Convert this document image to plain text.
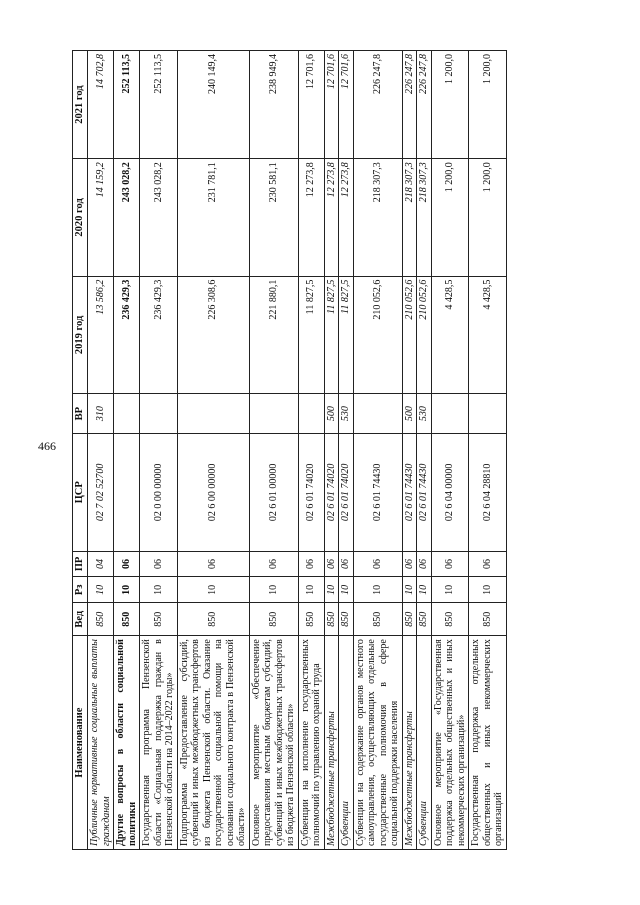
466
Наименование	Вед	Рз	ПР	ЦСР	ВР	2019 год	2020 год	2021 год
Публичные нормативные социальные выплаты гражданам	850	10	04	02 7 02 52700	310	13 586,2	14 159,2	14 702,8
Другие вопросы в области социальной политики	850	10	06			236 429,3	243 028,2	252 113,5
Государственная программа Пензенской области «Социальная поддержка граждан в Пензенской области на 2014–2022 годы»	850	10	06	02 0 00 00000		236 429,3	243 028,2	252 113,5
Подпрограмма «Предоставление субсидий, субвенций и иных межбюджетных трансфертов из бюджета Пензенской области. Оказание государственной социальной помощи на основании социального контракта в Пензенской области»	850	10	06	02 6 00 00000		226 308,6	231 781,1	240 149,4
Основное мероприятие «Обеспечение предоставления местным бюджетам субсидий, субвенций и иных межбюджетных трансфертов из бюджета Пензенской области»	850	10	06	02 6 01 00000		221 880,1	230 581,1	238 949,4
Субвенции на исполнение государственных полномочий по управлению охраной труда	850	10	06	02 6 01 74020		11 827,5	12 273,8	12 701,6
Межбюджетные трансферты	850	10	06	02 6 01 74020	500	11 827,5	12 273,8	12 701,6
Субвенции	850	10	06	02 6 01 74020	530	11 827,5	12 273,8	12 701,6
Субвенции на содержание органов местного самоуправления, осуществляющих отдельные государственные полномочия в сфере социальной поддержки населения	850	10	06	02 6 01 74430		210 052,6	218 307,3	226 247,8
Межбюджетные трансферты	850	10	06	02 6 01 74430	500	210 052,6	218 307,3	226 247,8
Субвенции	850	10	06	02 6 01 74430	530	210 052,6	218 307,3	226 247,8
Основное мероприятие «Государственная поддержка отдельных общественных и иных некоммерческих организаций»	850	10	06	02 6 04 00000		4 428,5	1 200,0	1 200,0
Государственная поддержка отдельных общественных и иных некоммерческих организаций	850	10	06	02 6 04 28810		4 428,5	1 200,0	1 200,0
